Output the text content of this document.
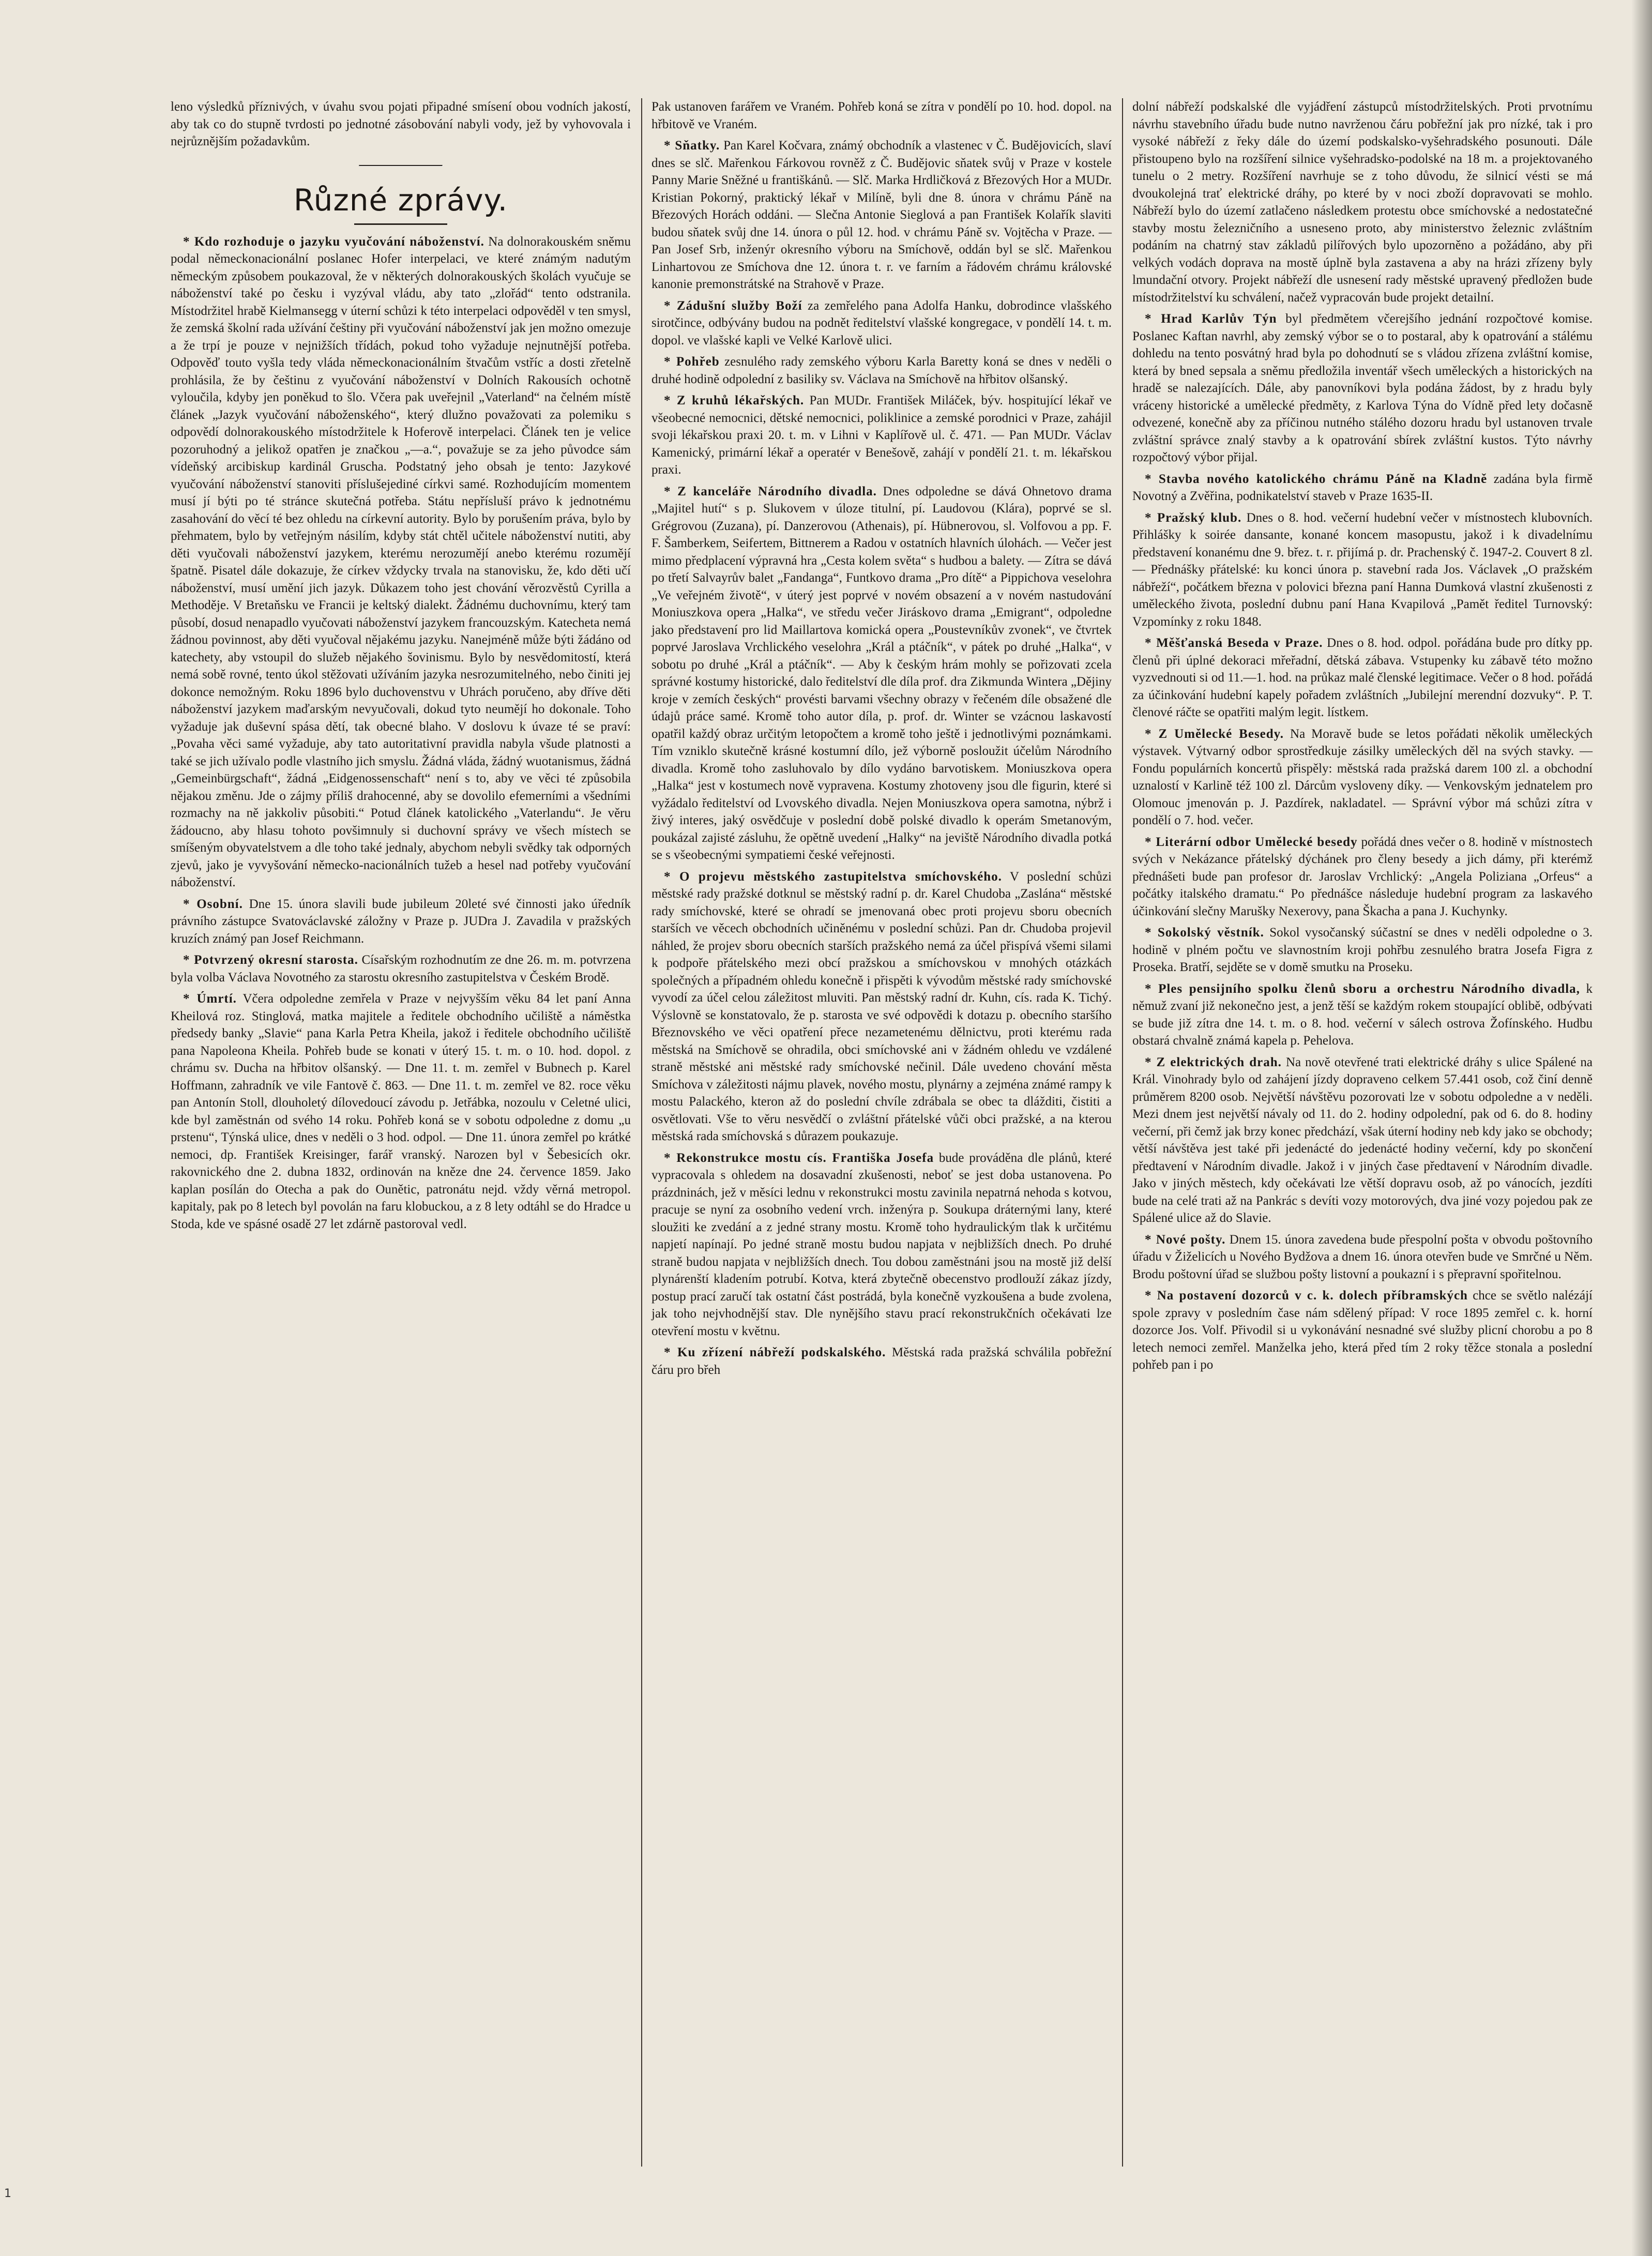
leno výsledků příznivých, v úvahu svou pojati připadné smísení obou vodních jakostí, aby tak co do stupně tvrdosti po jednotné zásobování nabyli vody, jež by vyhovovala i nejrůznějším požadavkům.

Různé zprávy.

* Kdo rozhoduje o jazyku vyučování náboženství. Na dolnorakouském sněmu podal německonacionální poslanec Hofer interpelaci, ve které známým nadutým německým způsobem poukazoval, že v některých dolnorakouských školách vyučuje se náboženství také po česku i vyzýval vládu, aby tato „zlořád“ tento odstranila. Místodržitel hrabě Kielmansegg v úterní schůzi k této interpelaci odpověděl v ten smysl, že zemská školní rada užívání češtiny při vyučování náboženství jak jen možno omezuje a že trpí je pouze v nejnižších třídách, pokud toho vyžaduje nejnutnější potřeba. Odpověď touto vyšla tedy vláda německonacionálním štvačům vstříc a dosti zřetelně prohlásila, že by češtinu z vyučování náboženství v Dolních Rakousích ochotně vyloučila, kdyby jen poněkud to šlo. Včera pak uveřejnil „Vaterland“ na čelném místě článek „Jazyk vyučování náboženského“, který dlužno považovati za polemiku s odpovědí dolnorakouského místodržitele k Hoferově interpelaci. Článek ten je velice pozoruhodný a jelikož opatřen je značkou „—a.“, považuje se za jeho původce sám vídeňský arcibiskup kardinál Gruscha. Podstatný jeho obsah je tento: Jazykové vyučování náboženství stanoviti příslušejediné církvi samé. Rozhodujícím momentem musí jí býti po té stránce skutečná potřeba. Státu nepřísluší právo k jednotnému zasahování do věcí té bez ohledu na církevní autority. Bylo by porušením práva, bylo by přehmatem, bylo by vetřejným násilím, kdyby stát chtěl učitele náboženství nutiti, aby děti vyučovali náboženství jazykem, kterému nerozumějí anebo kterému rozumějí špatně. Pisatel dále dokazuje, že církev vždycky trvala na stanovisku, že, kdo děti učí náboženství, musí umění jich jazyk. Důkazem toho jest chování věrozvěstů Cyrilla a Methoděje. V Bretaňsku ve Francii je keltský dialekt. Žádnému duchovnímu, který tam působí, dosud nenapadlo vyučovati náboženství jazykem francouzským. Katecheta nemá žádnou povinnost, aby děti vyučoval nějakému jazyku. Nanejméně může býti žádáno od katechety, aby vstoupil do služeb nějakého šovinismu. Bylo by nesvědomitostí, která nemá sobě rovné, tento úkol stěžovati užíváním jazyka nesrozumitelného, nebo činiti jej dokonce nemožným. Roku 1896 bylo duchovenstvu v Uhrách poručeno, aby dříve děti náboženství jazykem maďarským nevyučovali, dokud tyto neumějí ho dokonale. Toho vyžaduje jak duševní spása dětí, tak obecné blaho. V doslovu k úvaze té se praví: „Povaha věci samé vyžaduje, aby tato autoritativní pravidla nabyla všude platnosti a také se jich užívalo podle vlastního jich smyslu. Žádná vláda, žádný wuotanismus, žádná „Gemeinbürgschaft“, žádná „Eidgenossenschaft“ není s to, aby ve věci té způsobila nějakou změnu. Jde o zájmy příliš drahocenné, aby se dovolilo efemerními a všedními rozmachy na ně jakkoliv působiti.“ Potud článek katolického „Vaterlandu“. Je věru žádoucno, aby hlasu tohoto povšimnuly si duchovní správy ve všech místech se smíšeným obyvatelstvem a dle toho také jednaly, abychom nebyli svědky tak odporných zjevů, jako je vyvyšování německo-nacionálních tužeb a hesel nad potřeby vyučování náboženství.

* Osobní. Dne 15. února slavili bude jubileum 20leté své činnosti jako úředník právního zástupce Svatováclavské záložny v Praze p. JUDra J. Zavadila v pražských kruzích známý pan Josef Reichmann.

* Potvrzený okresní starosta. Císařským rozhodnutím ze dne 26. m. m. potvrzena byla volba Václava Novotného za starostu okresního zastupitelstva v Českém Brodě.

* Úmrtí. Včera odpoledne zemřela v Praze v nejvyšším věku 84 let paní Anna Kheilová roz. Stinglová, matka majitele a ředitele obchodního učiliště a náměstka předsedy banky „Slavie“ pana Karla Petra Kheila, jakož i ředitele obchodního učiliště pana Napoleona Kheila. Pohřeb bude se konati v úterý 15. t. m. o 10. hod. dopol. z chrámu sv. Ducha na hřbitov olšanský. — Dne 11. t. m. zemřel v Bubnech p. Karel Hoffmann, zahradník ve vile Fantově č. 863. — Dne 11. t. m. zemřel ve 82. roce věku pan Antonín Stoll, dlouholetý dílovedoucí závodu p. Jetřábka, nozoulu v Celetné ulici, kde byl zaměstnán od svého 14 roku. Pohřeb koná se v sobotu odpoledne z domu „u prstenu“, Týnská ulice, dnes v neděli o 3 hod. odpol. — Dne 11. února zemřel po krátké nemoci, dp. František Kreisinger, farář vranský. Narozen byl v Šebesicích okr. rakovnického dne 2. dubna 1832, ordinován na kněze dne 24. července 1859. Jako kaplan posílán do Otecha a pak do Ounětic, patronátu nejd. vždy věrná metropol. kapitaly, pak po 8 letech byl povolán na faru klobuckou, a z 8 lety odtáhl se do Hradce u Stoda, kde ve spásné osadě 27 let zdárně pastoroval vedl.

Pak ustanoven farářem ve Vraném. Pohřeb koná se zítra v pondělí po 10. hod. dopol. na hřbitově ve Vraném.

* Sňatky. Pan Karel Kočvara, známý obchodník a vlastenec v Č. Budějovicích, slaví dnes se slč. Mařenkou Fárkovou rovněž z Č. Budějovic sňatek svůj v Praze v kostele Panny Marie Sněžné u františkánů. — Slč. Marka Hrdličková z Březových Hor a MUDr. Kristian Pokorný, praktický lékař v Milíně, byli dne 8. února v chrámu Páně na Březových Horách oddáni. — Slečna Antonie Sieglová a pan František Kolařík slaviti budou sňatek svůj dne 14. února o půl 12. hod. v chrámu Páně sv. Vojtěcha v Praze. — Pan Josef Srb, inženýr okresního výboru na Smíchově, oddán byl se slč. Mařenkou Linhartovou ze Smíchova dne 12. února t. r. ve farním a řádovém chrámu královské kanonie premonstrátské na Strahově v Praze.

* Zádušní služby Boží za zemřelého pana Adolfa Hanku, dobrodince vlašského sirotčince, odbývány budou na podnět ředitelství vlašské kongregace, v pondělí 14. t. m. dopol. ve vlašské kapli ve Velké Karlově ulici.

* Pohřeb zesnulého rady zemského výboru Karla Baretty koná se dnes v neděli o druhé hodině odpolední z basiliky sv. Václava na Smíchově na hřbitov olšanský.

* Z kruhů lékařských. Pan MUDr. František Miláček, býv. hospitující lékař ve všeobecné nemocnici, dětské nemocnici, poliklinice a zemské porodnici v Praze, zahájil svoji lékařskou praxi 20. t. m. v Lihni v Kaplířově ul. č. 471. — Pan MUDr. Václav Kamenický, primární lékař a operatér v Benešově, zahájí v pondělí 21. t. m. lékařskou praxi.

* Z kanceláře Národního divadla. Dnes odpoledne se dává Ohnetovo drama „Majitel hutí“ s p. Slukovem v úloze titulní, pí. Laudovou (Klára), poprvé se sl. Grégrovou (Zuzana), pí. Danzerovou (Athenais), pí. Hübnerovou, sl. Volfovou a pp. F. F. Šamberkem, Seifertem, Bittnerem a Radou v ostatních hlavních úlohách. — Večer jest mimo předplacení výpravná hra „Cesta kolem světa“ s hudbou a balety. — Zítra se dává po třetí Salvayrův balet „Fandanga“, Funtkovo drama „Pro dítě“ a Pippichova veselohra „Ve veřejném životě“, v úterý jest poprvé v novém obsazení a v novém nastudování Moniuszkova opera „Halka“, ve středu večer Jiráskovo drama „Emigrant“, odpoledne jako představení pro lid Maillartova komická opera „Poustevníkův zvonek“, ve čtvrtek poprvé Jaroslava Vrchlického veselohra „Král a ptáčník“, v pátek po druhé „Halka“, v sobotu po druhé „Král a ptáčník“. — Aby k českým hrám mohly se pořizovati zcela správné kostumy historické, dalo ředitelství dle díla prof. dra Zikmunda Wintera „Dějiny kroje v zemích českých“ provésti barvami všechny obrazy v řečeném díle obsažené dle údajů práce samé. Kromě toho autor díla, p. prof. dr. Winter se vzácnou laskavostí opatřil každý obraz určitým letopočtem a kromě toho ještě i jednotlivými poznámkami. Tím vzniklo skutečně krásné kostumní dílo, jež výborně posloužit účelům Národního divadla. Kromě toho zasluhovalo by dílo vydáno barvotiskem. Moniuszkova opera „Halka“ jest v kostumech nově vypravena. Kostumy zhotoveny jsou dle figurin, které si vyžádalo ředitelství od Lvovského divadla. Nejen Moniuszkova opera samotna, nýbrž i živý interes, jaký osvědčuje v poslední době polské divadlo k operám Smetanovým, poukázal zajisté zásluhu, že opětně uvedení „Halky“ na jeviště Národního divadla potká se s všeobecnými sympatiemi české veřejnosti.

* O projevu městského zastupitelstva smíchovského. V poslední schůzi městské rady pražské dotknul se městský radní p. dr. Karel Chudoba „Zaslána“ městské rady smíchovské, které se ohradí se jmenovaná obec proti projevu sboru obecních starších ve věcech obchodních učiněnému v poslední schůzi. Pan dr. Chudoba projevil náhled, že projev sboru obecních starších pražského nemá za účel přispívá všemi silami k podpoře přátelského mezi obcí pražskou a smíchovskou v mnohých otázkách společných a případném ohledu konečně i přispěti k vývodům městské rady smíchovské vyvodí za účel celou záležitost mluviti. Pan městský radní dr. Kuhn, cís. rada K. Tichý. Výslovně se konstatovalo, že p. starosta ve své odpovědi k dotazu p. obecního staršího Březnovského ve věci opatření přece nezametenému dělnictvu, proti kterému rada městská na Smíchově se ohradila, obci smíchovské ani v žádném ohledu ve vzdálené straně městské ani městské rady smíchovské nečinil. Dále uvedeno chování města Smíchova v záležitosti nájmu plavek, nového mostu, plynárny a zejména známé rampy k mostu Palackého, kteron až do poslední chvíle zdrábala se obec ta dlážditi, čistiti a osvětlovati. Vše to věru nesvědčí o zvláštní přátelské vůči obci pražské, a na kterou městská rada smíchovská s důrazem poukazuje.

* Rekonstrukce mostu cís. Františka Josefa bude prováděna dle plánů, které vypracovala s ohledem na dosavadní zkušenosti, neboť se jest doba ustanovena. Po prázdninách, jež v měsíci lednu v rekonstrukci mostu zavinila nepatrná nehoda s kotvou, pracuje se nyní za osobního vedení vrch. inženýra p. Soukupa dráternými lany, které sloužiti ke zvedání a z jedné strany mostu. Kromě toho hydraulickým tlak k určitému napjetí napínají. Po jedné straně mostu budou napjata v nejbližších dnech. Po druhé straně budou napjata v nejbližších dnech. Tou dobou zaměstnáni jsou na mostě již delší plynárenští kladením potrubí. Kotva, která zbytečně obecenstvo prodlouží zákaz jízdy, postup prací zaručí tak ostatní část postrádá, byla konečně vyzkoušena a bude zvolena, jak toho nejvhodnější stav. Dle nynějšího stavu prací rekonstrukčních očekávati lze otevření mostu v květnu.

* Ku zřízení nábřeží podskalského. Městská rada pražská schválila pobřežní čáru pro břeh

dolní nábřeží podskalské dle vyjádření zástupců místodržitelských. Proti prvotnímu návrhu stavebního úřadu bude nutno navrženou čáru pobřežní jak pro nízké, tak i pro vysoké nábřeží z řeky dále do území podskalsko-vyšehradského posunouti. Dále přistoupeno bylo na rozšíření silnice vyšehradsko-podolské na 18 m. a projektovaného tunelu o 2 metry. Rozšíření navrhuje se z toho důvodu, že silnicí vésti se má dvoukolejná trať elektrické dráhy, po které by v noci zboží dopravovati se mohlo. Nábřeží bylo do území zatlačeno následkem protestu obce smíchovské a nedostatečné stavby mostu železničního a usneseno proto, aby ministerstvo železnic zvláštním podáním na chatrný stav základů pilířových bylo upozorněno a požádáno, aby při velkých vodách doprava na mostě úplně byla zastavena a aby na hrázi zřízeny byly lmundační otvory. Projekt nábřeží dle usnesení rady městské upravený předložen bude místodržitelství ku schválení, načež vypracován bude projekt detailní.

* Hrad Karlův Týn byl předmětem včerejšího jednání rozpočtové komise. Poslanec Kaftan navrhl, aby zemský výbor se o to postaral, aby k opatrování a stálému dohledu na tento posvátný hrad byla po dohodnutí se s vládou zřízena zvláštní komise, která by bned sepsala a sněmu předložila inventář všech uměleckých a historických na hradě se nalezajících. Dále, aby panovníkovi byla podána žádost, by z hradu byly vráceny historické a umělecké předměty, z Karlova Týna do Vídně před lety dočasně odvezené, konečně aby za příčinou nutného stálého dozoru hradu byl ustanoven trvale zvláštní správce znalý stavby a k opatrování sbírek zvláštní kustos. Týto návrhy rozpočtový výbor přijal.

* Stavba nového katolického chrámu Páně na Kladně zadána byla firmě Novotný a Zvěřina, podnikatelství staveb v Praze 1635-II.

* Pražský klub. Dnes o 8. hod. večerní hudební večer v místnostech klubovních. Přihlášky k soirée dansante, konané koncem masopustu, jakož i k divadelnímu představení konanému dne 9. břez. t. r. přijímá p. dr. Prachenský č. 1947-2. Couvert 8 zl. — Přednášky přátelské: ku konci února p. stavební rada Jos. Václavek „O pražském nábřeží“, počátkem března v polovici března paní Hanna Dumková vlastní zkušenosti z uměleckého života, poslední dubnu paní Hana Kvapilová „Pamět ředitel Turnovský: Vzpomínky z roku 1848.

* Měšťanská Beseda v Praze. Dnes o 8. hod. odpol. pořádána bude pro dítky pp. členů při úplné dekoraci mřeřadní, dětská zábava. Vstupenky ku zábavě této možno vyzvednouti si od 11.—1. hod. na průkaz malé členské legitimace. Večer o 8 hod. pořádá za účinkování hudební kapely pořadem zvláštních „Jubilejní merendní dozvuky“. P. T. členové ráčte se opatřiti malým legit. lístkem.

* Z Umělecké Besedy. Na Moravě bude se letos pořádati několik uměleckých výstavek. Výtvarný odbor sprostředkuje zásilky uměleckých děl na svých stavky. — Fondu populárních koncertů přispěly: městská rada pražská darem 100 zl. a obchodní uznalostí v Karlině též 100 zl. Dárcům vysloveny díky. — Venkovským jednatelem pro Olomouc jmenován p. J. Pazdírek, nakladatel. — Správní výbor má schůzi zítra v pondělí o 7. hod. večer.

* Literární odbor Umělecké besedy pořádá dnes večer o 8. hodině v místnostech svých v Nekázance přátelský dýchánek pro členy besedy a jich dámy, při kterémž přednášeti bude pan profesor dr. Jaroslav Vrchlický: „Angela Poliziana „Orfeus“ a počátky italského dramatu.“ Po přednášce následuje hudební program za laskavého účinkování slečny Marušky Nexerovy, pana Škacha a pana J. Kuchynky.

* Sokolský věstník. Sokol vysočanský súčastní se dnes v neděli odpoledne o 3. hodině v plném počtu ve slavnostním kroji pohřbu zesnulého bratra Josefa Figra z Proseka. Bratří, sejděte se v domě smutku na Proseku.

* Ples pensijního spolku členů sboru a orchestru Národního divadla, k němuž zvaní již nekonečno jest, a jenž těší se každým rokem stoupající oblibě, odbývati se bude již zítra dne 14. t. m. o 8. hod. večerní v sálech ostrova Žofínského. Hudbu obstará chvalně známá kapela p. Pehelova.

* Z elektrických drah. Na nově otevřené trati elektrické dráhy s ulice Spálené na Král. Vinohrady bylo od zahájení jízdy dopraveno celkem 57.441 osob, což činí denně průměrem 8200 osob. Největší návštěvu pozorovati lze v sobotu odpoledne a v neděli. Mezi dnem jest největší návaly od 11. do 2. hodiny odpolední, pak od 6. do 8. hodiny večerní, při čemž jak brzy konec předchází, však úterní hodiny neb kdy jako se obchody; větší návštěva jest také při jedenácté do jedenácté hodiny večerní, kdy po skončení předtavení v Národním divadle. Jakož i v jiných čase předtavení v Národním divadle. Jako v jiných městech, kdy očekávati lze větší dopravu osob, až po vánocích, jezdíti bude na celé trati až na Pankrác s devíti vozy motorových, dva jiné vozy pojedou pak ze Spálené ulice až do Slavie.

* Nové pošty. Dnem 15. února zavedena bude přespolní pošta v obvodu poštovního úřadu v Žiželicích u Nového Bydžova a dnem 16. února otevřen bude ve Smrčné u Něm. Brodu poštovní úřad se službou pošty listovní a poukazní i s přepravní spořitelnou.

* Na postavení dozorců v c. k. dolech příbramských chce se světlo nalézájí spole zpravy v posledním čase nám sdělený případ: V roce 1895 zemřel c. k. horní dozorce Jos. Volf. Přivodil si u vykonávání nesnadné své služby plicní chorobu a po 8 letech nemoci zemřel. Manželka jeho, která před tím 2 roky těžce stonala a poslední pohřeb pan i po

1
